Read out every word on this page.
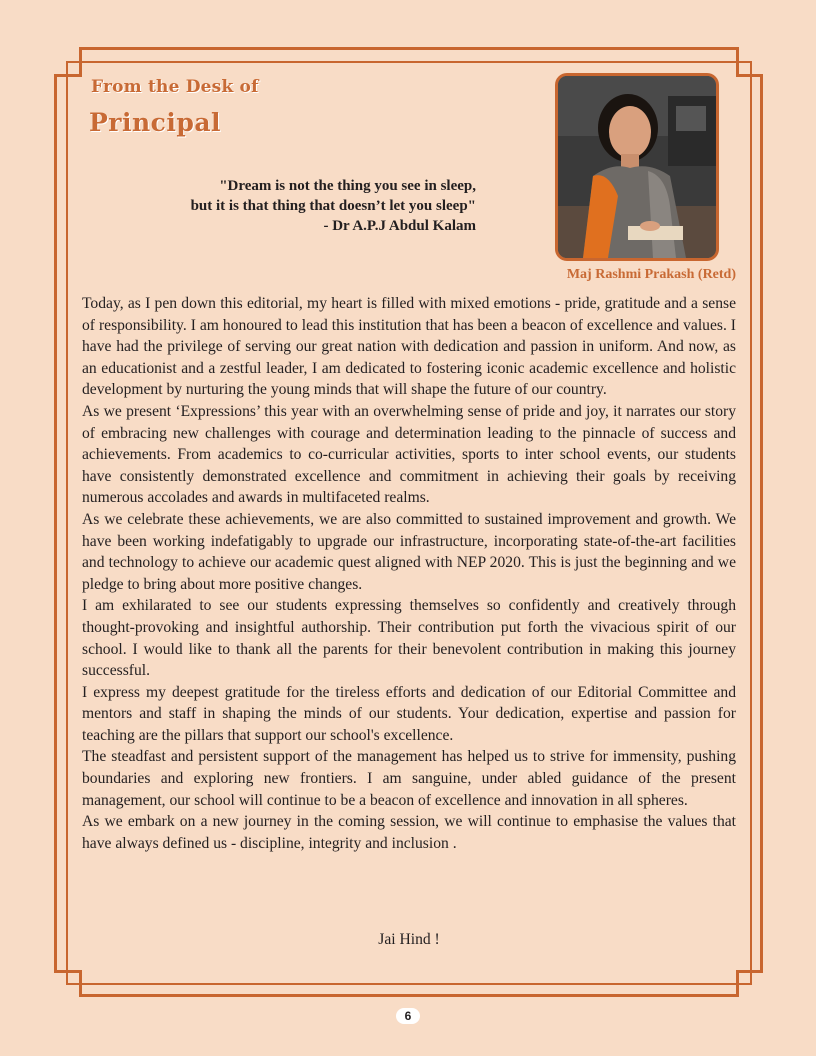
From the Desk of
Principal
"Dream is not the thing you see in sleep,
but it is that thing that doesn’t let you sleep"
- Dr A.P.J Abdul Kalam
Maj Rashmi Prakash (Retd)

Today, as I pen down this editorial, my heart is filled with mixed emotions - pride, gratitude and a sense of responsibility. I am honoured to lead this institution that has been a beacon of excellence and values. I have had the privilege of serving our great nation with dedication and passion in uniform. And now, as an educationist and a zestful leader, I am dedicated to fostering iconic academic excellence and holistic development by nurturing the young minds that will shape the future of our country.

As we present ‘Expressions’ this year with an overwhelming sense of pride and joy, it narrates our story of embracing new challenges with courage and determination leading to the pinnacle of success and achievements. From academics to co-curricular activities, sports to inter school events, our students have consistently demonstrated excellence and commitment in achieving their goals by receiving numerous accolades and awards in multifaceted realms.

As we celebrate these achievements, we are also committed to sustained improvement and growth. We have been working indefatigably to upgrade our infrastructure, incorporating state-of-the-art facilities and technology to achieve our academic quest aligned with NEP 2020. This is just the beginning and we pledge to bring about more positive changes.

I am exhilarated to see our students expressing themselves so confidently and creatively through thought-provoking and insightful authorship. Their contribution put forth the vivacious spirit of our school. I would like to thank all the parents for their benevolent contribution in making this journey successful.

I express my deepest gratitude for the tireless efforts and dedication of our Editorial Committee and mentors and staff in shaping the minds of our students. Your dedication, expertise and passion for teaching are the pillars that support our school's excellence.

The steadfast and persistent support of the management has helped us to strive for immensity, pushing boundaries and exploring new frontiers. I am sanguine, under abled guidance of the present management, our school will continue to be a beacon of excellence and innovation in all spheres.

As we embark on a new journey in the coming session, we will continue to emphasise the values that have always defined us - discipline, integrity and inclusion .

Jai Hind !
6
